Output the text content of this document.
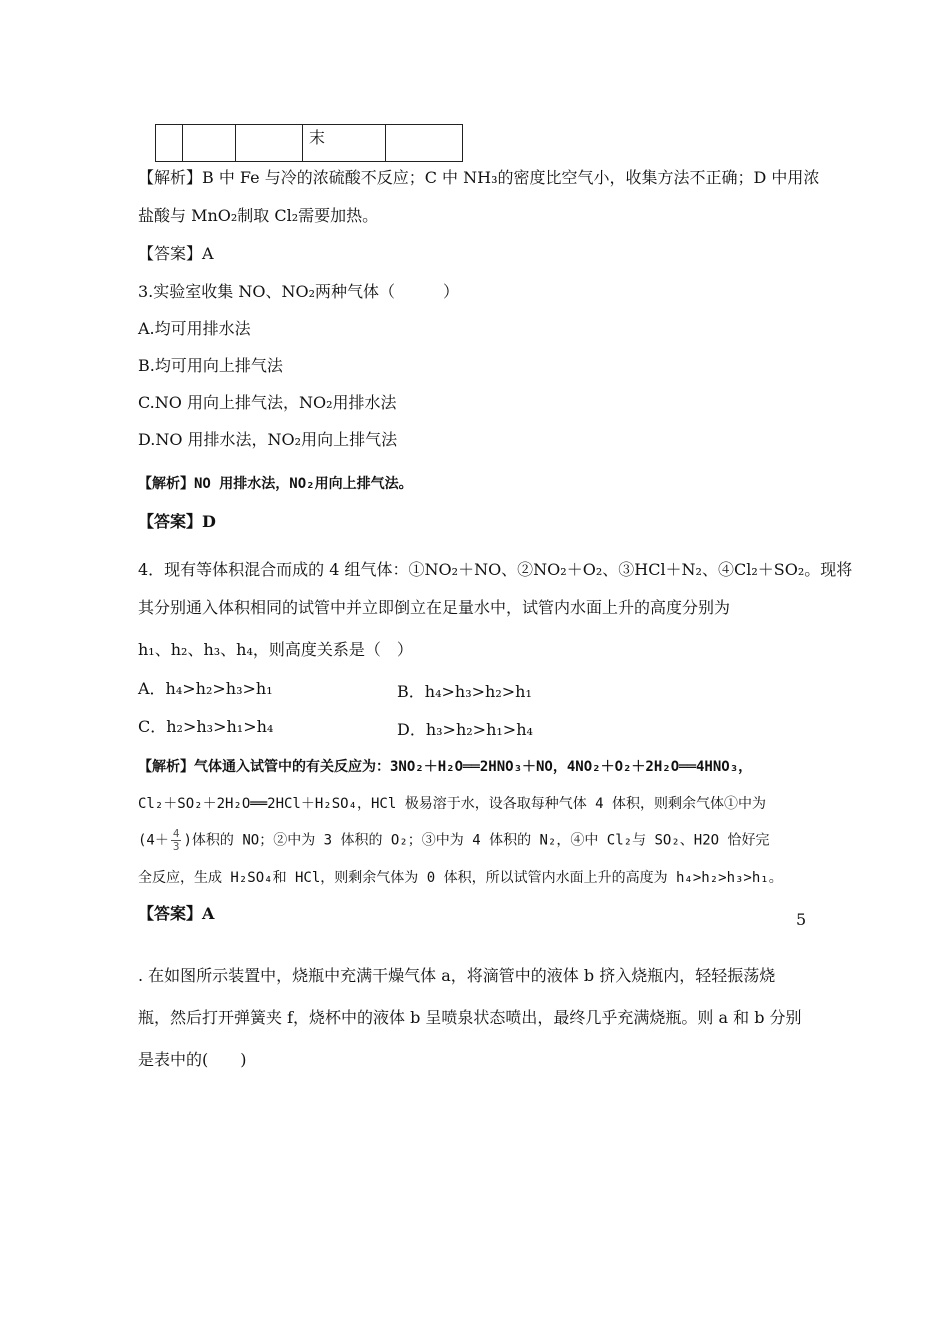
			末	
【解析】B 中 Fe 与冷的浓硫酸不反应；C 中 NH₃的密度比空气小，收集方法不正确；D 中用浓
盐酸与 MnO₂制取 Cl₂需要加热。
【答案】A
3.实验室收集 NO、NO₂两种气体（　　　）
A.均可用排水法
B.均可用向上排气法
C.NO 用向上排气法，NO₂用排水法
D.NO 用排水法，NO₂用向上排气法
【解析】NO 用排水法，NO₂用向上排气法。
【答案】D
4．现有等体积混合而成的 4 组气体：①NO₂＋NO、②NO₂＋O₂、③HCl＋N₂、④Cl₂＋SO₂。现将
其分别通入体积相同的试管中并立即倒立在足量水中，试管内水面上升的高度分别为
h₁、h₂、h₃、h₄，则高度关系是（　）
A．h₄>h₂>h₃>h₁	B．h₄>h₃>h₂>h₁
C．h₂>h₃>h₁>h₄	D．h₃>h₂>h₁>h₄
【解析】气体通入试管中的有关反应为：3NO₂＋H₂O══2HNO₃＋NO，4NO₂＋O₂＋2H₂O══4HNO₃，
Cl₂＋SO₂＋2H₂O══2HCl＋H₂SO₄，HCl 极易溶于水，设各取每种气体 4 体积，则剩余气体①中为
($4+ \frac{4}{3}$ )体积的 NO；②中为 3 体积的 O₂；③中为 4 体积的 N₂，④中 Cl₂与 SO₂、H2O 恰好完
全反应，生成 H₂SO₄和 HCl，则剩余气体为 0 体积，所以试管内水面上升的高度为 h₄>h₂>h₃>h₁。
【答案】A	5
. 在如图所示装置中，烧瓶中充满干燥气体 a，将滴管中的液体 b 挤入烧瓶内，轻轻振荡烧
瓶，然后打开弹簧夹 f，烧杯中的液体 b 呈喷泉状态喷出，最终几乎充满烧瓶。则 a 和 b 分别
是表中的(　　)
